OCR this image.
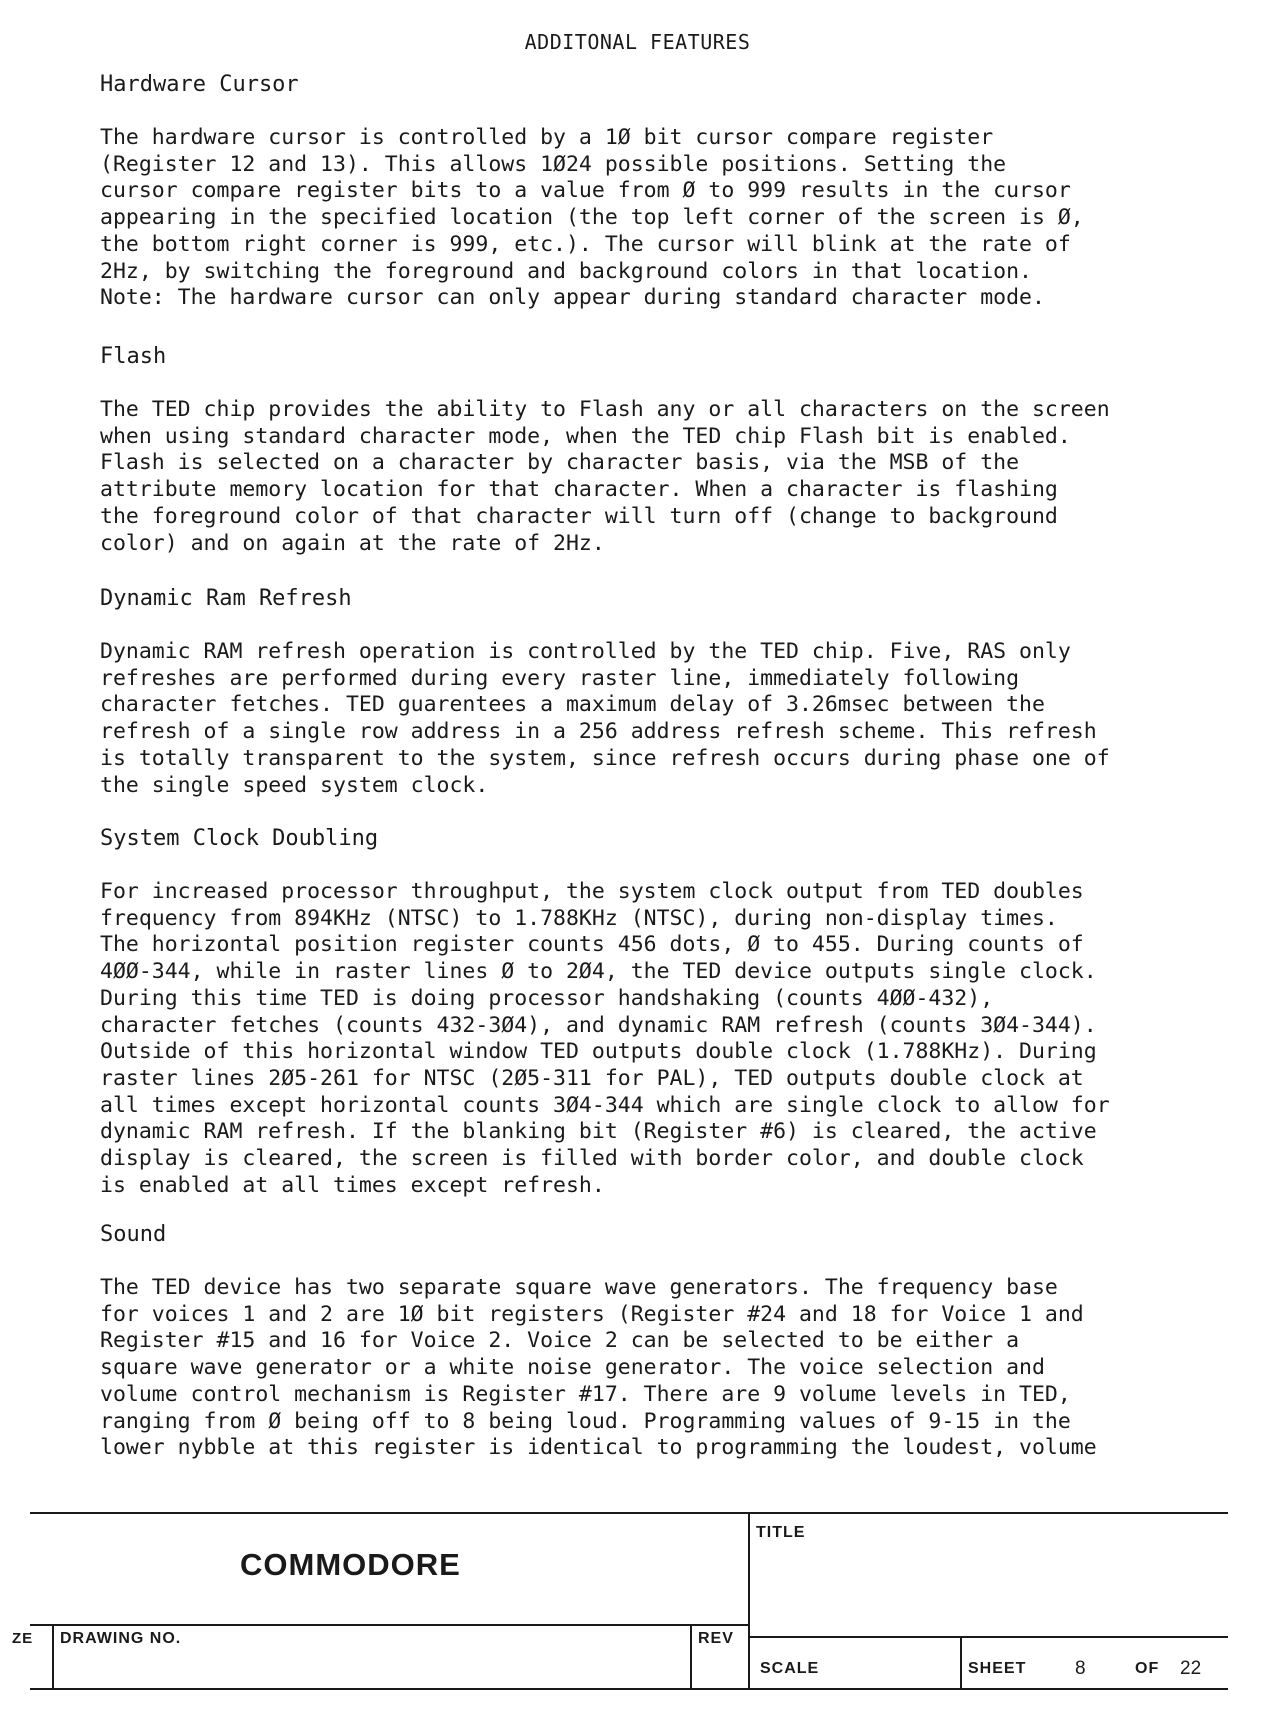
ADDITONAL FEATURES
Hardware Cursor

The hardware cursor is controlled by a 1Ø bit cursor compare register
(Register 12 and 13). This allows 1Ø24 possible positions. Setting the
cursor compare register bits to a value from Ø to 999 results in the cursor
appearing in the specified location (the top left corner of the screen is Ø,
the bottom right corner is 999, etc.). The cursor will blink at the rate of
2Hz, by switching the foreground and background colors in that location.
Note: The hardware cursor can only appear during standard character mode.

Flash

The TED chip provides the ability to Flash any or all characters on the screen
when using standard character mode, when the TED chip Flash bit is enabled.
Flash is selected on a character by character basis, via the MSB of the
attribute memory location for that character. When a character is flashing
the foreground color of that character will turn off (change to background
color) and on again at the rate of 2Hz.

Dynamic Ram Refresh

Dynamic RAM refresh operation is controlled by the TED chip. Five, RAS only
refreshes are performed during every raster line, immediately following
character fetches. TED guarentees a maximum delay of 3.26msec between the
refresh of a single row address in a 256 address refresh scheme. This refresh
is totally transparent to the system, since refresh occurs during phase one of
the single speed system clock.

System Clock Doubling

For increased processor throughput, the system clock output from TED doubles
frequency from 894KHz (NTSC) to 1.788KHz (NTSC), during non-display times.
The horizontal position register counts 456 dots, Ø to 455. During counts of
4ØØ-344, while in raster lines Ø to 2Ø4, the TED device outputs single clock.
During this time TED is doing processor handshaking (counts 4ØØ-432),
character fetches (counts 432-3Ø4), and dynamic RAM refresh (counts 3Ø4-344).
Outside of this horizontal window TED outputs double clock (1.788KHz). During
raster lines 2Ø5-261 for NTSC (2Ø5-311 for PAL), TED outputs double clock at
all times except horizontal counts 3Ø4-344 which are single clock to allow for
dynamic RAM refresh. If the blanking bit (Register #6) is cleared, the active
display is cleared, the screen is filled with border color, and double clock
is enabled at all times except refresh.

Sound

The TED device has two separate square wave generators. The frequency base
for voices 1 and 2 are 1Ø bit registers (Register #24 and 18 for Voice 1 and
Register #15 and 16 for Voice 2. Voice 2 can be selected to be either a
square wave generator or a white noise generator. The voice selection and
volume control mechanism is Register #17. There are 9 volume levels in TED,
ranging from Ø being off to 8 being loud. Programming values of 9-15 in the
lower nybble at this register is identical to programming the loudest, volume

COMMODORE
TITLE
ZE DRAWING NO.	REV
SCALE	SHEET	8	OF 22
